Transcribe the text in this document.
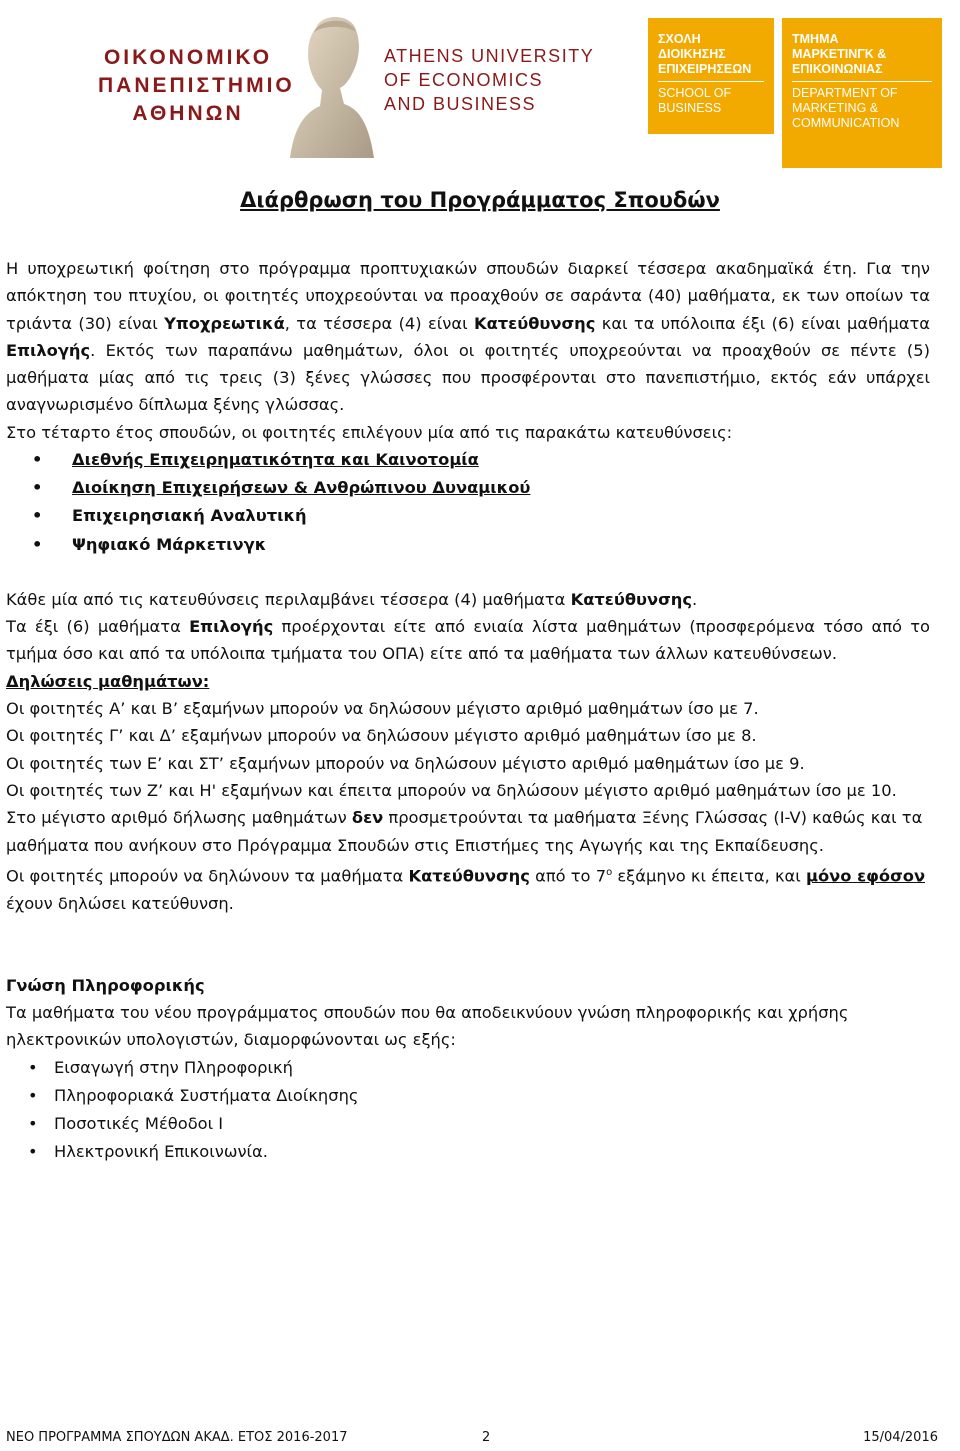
ΟΙΚΟΝΟΜΙΚΟ
ΠΑΝΕΠΙΣΤΗΜΙΟ
ΑΘΗΝΩΝ
ATHENS UNIVERSITY
OF ECONOMICS
AND BUSINESS
ΣΧΟΛΗ
ΔΙΟΙΚΗΣΗΣ
ΕΠΙΧΕΙΡΗΣΕΩΝ
SCHOOL OF
BUSINESS
ΤΜΗΜΑ
ΜΑΡΚΕΤΙΝΓΚ &
ΕΠΙΚΟΙΝΩΝΙΑΣ
DEPARTMENT OF
MARKETING &
COMMUNICATION
Διάρθρωση του Προγράμματος Σπουδών

Η υποχρεωτική φοίτηση στο πρόγραμμα προπτυχιακών σπουδών διαρκεί τέσσερα ακαδημαϊκά έτη. Για την απόκτηση του πτυχίου, οι φοιτητές υποχρεούνται να προαχθούν σε σαράντα (40) μαθήματα, εκ των οποίων τα τριάντα (30) είναι Υποχρεωτικά, τα τέσσερα (4) είναι Κατεύθυνσης και τα υπόλοιπα έξι (6) είναι μαθήματα Επιλογής. Εκτός των παραπάνω μαθημάτων, όλοι οι φοιτητές υποχρεούνται να προαχθούν σε πέντε (5) μαθήματα μίας από τις τρεις (3) ξένες γλώσσες που προσφέρονται στο πανεπιστήμιο, εκτός εάν υπάρχει αναγνωρισμένο δίπλωμα ξένης γλώσσας.

Στο τέταρτο έτος σπουδών, οι φοιτητές επιλέγουν μία από τις παρακάτω κατευθύνσεις:

• Διεθνής Επιχειρηματικότητα και Καινοτομία
• Διοίκηση Επιχειρήσεων & Ανθρώπινου Δυναμικού
• Επιχειρησιακή Αναλυτική
• Ψηφιακό Μάρκετινγκ

Κάθε μία από τις κατευθύνσεις περιλαμβάνει τέσσερα (4) μαθήματα Κατεύθυνσης.

Τα έξι (6) μαθήματα Επιλογής προέρχονται είτε από ενιαία λίστα μαθημάτων (προσφερόμενα τόσο από το τμήμα όσο και από τα υπόλοιπα τμήματα του ΟΠΑ) είτε από τα μαθήματα των άλλων κατευθύνσεων.

Δηλώσεις μαθημάτων:

Οι φοιτητές Α’ και Β’ εξαμήνων μπορούν να δηλώσουν μέγιστο αριθμό μαθημάτων ίσο με 7.

Οι φοιτητές Γ’ και Δ’ εξαμήνων μπορούν να δηλώσουν μέγιστο αριθμό μαθημάτων ίσο με 8.

Οι φοιτητές των Ε’ και ΣΤ’ εξαμήνων μπορούν να δηλώσουν μέγιστο αριθμό μαθημάτων ίσο με 9.

Οι φοιτητές των Ζ’ και Η' εξαμήνων και έπειτα μπορούν να δηλώσουν μέγιστο αριθμό μαθημάτων ίσο με 10.

Στο μέγιστο αριθμό δήλωσης μαθημάτων δεν προσμετρούνται τα μαθήματα Ξένης Γλώσσας (I-V) καθώς και τα μαθήματα που ανήκουν στο Πρόγραμμα Σπουδών στις Επιστήμες της Αγωγής και της Εκπαίδευσης.

Οι φοιτητές μπορούν να δηλώνουν τα μαθήματα Κατεύθυνσης από το $7^o$ εξάμηνο κι έπειτα, και μόνο εφόσον έχουν δηλώσει κατεύθυνση.

Γνώση Πληροφορικής

Τα μαθήματα του νέου προγράμματος σπουδών που θα αποδεικνύουν γνώση πληροφορικής και χρήσης ηλεκτρονικών υπολογιστών, διαμορφώνονται ως εξής:

• Εισαγωγή στην Πληροφορική
• Πληροφοριακά Συστήματα Διοίκησης
• Ποσοτικές Μέθοδοι Ι
• Ηλεκτρονική Επικοινωνία.
ΝΕΟ ΠΡΟΓΡΑΜΜΑ ΣΠΟΥΔΩΝ ΑΚΑΔ. ΕΤΟΣ 2016-2017	2	15/04/2016
